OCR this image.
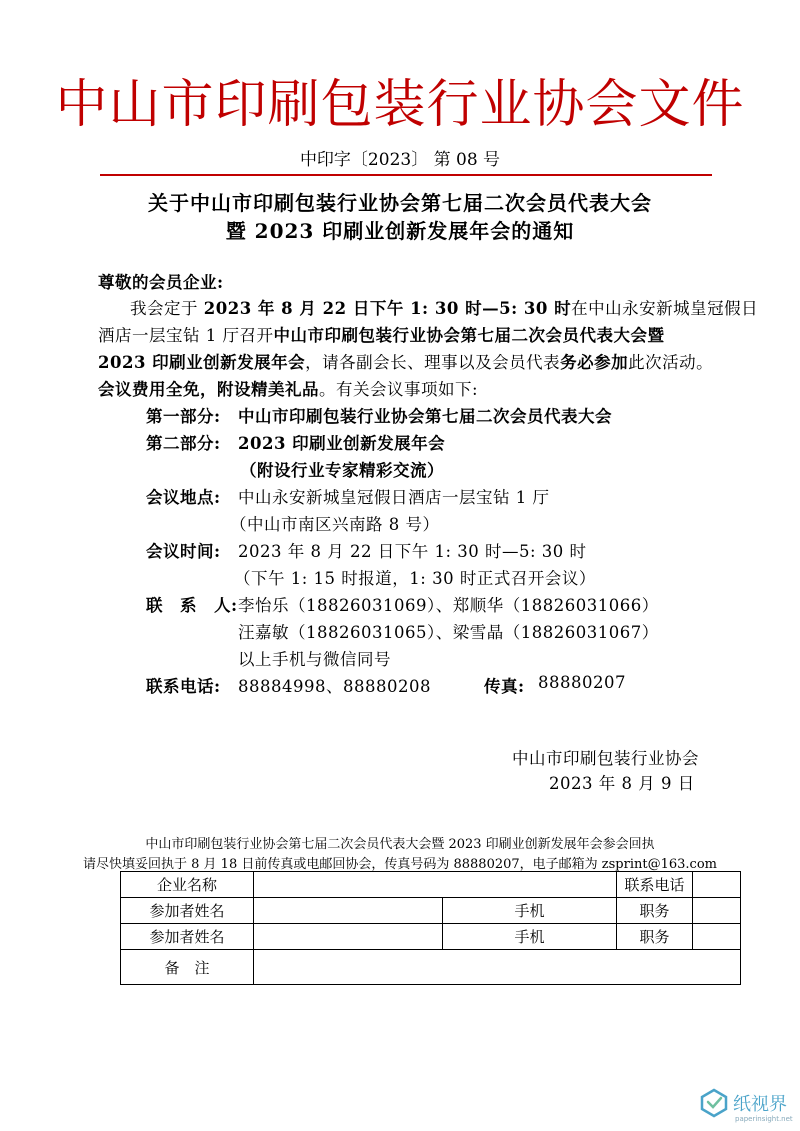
中山市印刷包装行业协会文件
中印字〔2023〕 第 08 号
关于中山市印刷包装行业协会第七届二次会员代表大会
暨 2023 印刷业创新发展年会的通知
尊敬的会员企业:
我会定于 2023 年 8 月 22 日下午 1: 30 时—5: 30 时在中山永安新城皇冠假日
酒店一层宝钻 1 厅召开中山市印刷包装行业协会第七届二次会员代表大会暨
2023 印刷业创新发展年会，请各副会长、理事以及会员代表务必参加此次活动。
会议费用全免，附设精美礼品。有关会议事项如下:
第一部分: 中山市印刷包装行业协会第七届二次会员代表大会
第二部分: 2023 印刷业创新发展年会
（附设行业专家精彩交流）
会议地点: 中山永安新城皇冠假日酒店一层宝钻 1 厅
（中山市南区兴南路 8 号）
会议时间: 2023 年 8 月 22 日下午 1: 30 时—5: 30 时
（下午 1: 15 时报道，1: 30 时正式召开会议）
联　系　人: 李怡乐（18826031069）、郑顺华（18826031066）
汪嘉敏（18826031065）、梁雪晶（18826031067）
以上手机与微信同号
联系电话: 88884998、88880208	传真: 88880207
中山市印刷包装行业协会
2023 年 8 月 9 日
中山市印刷包装行业协会第七届二次会员代表大会暨 2023 印刷业创新发展年会参会回执
请尽快填妥回执于 8 月 18 日前传真或电邮回协会，传真号码为 88880207，电子邮箱为 zsprint@163.com
企业名称			联系电话	
参加者姓名		手机	职务	
参加者姓名		手机	职务	
备　注				
纸视界
paperinsight.net
